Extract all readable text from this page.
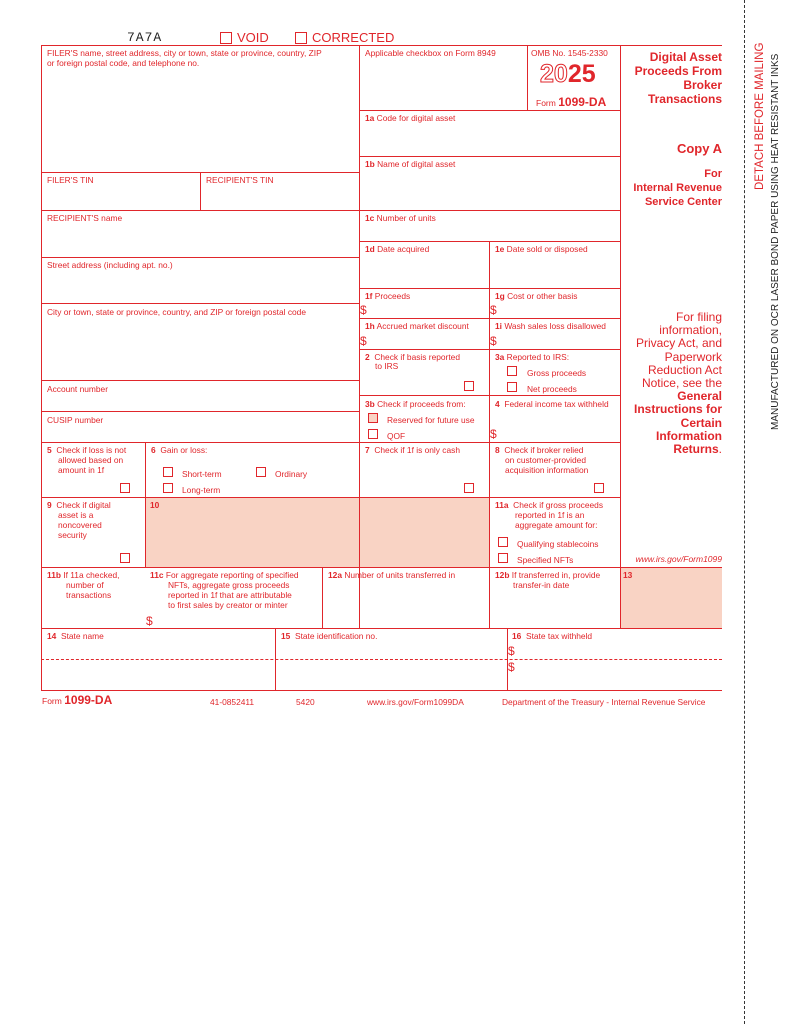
7A7A	VOID	CORRECTED
FILER'S name, street address, city or town, state or province, country, ZIP
or foreign postal code, and telephone no.
Applicable checkbox on Form 8949	OMB No. 1545-2330
2025
Form 1099-DA
Digital Asset
Proceeds From
Broker
Transactions
Copy A
For
Internal Revenue
Service Center
For filing
information,
Privacy Act, and
Paperwork
Reduction Act
Notice, see the
General
Instructions for
Certain
Information
Returns.
www.irs.gov/Form1099
FILER'S TIN	RECIPIENT'S TIN
RECIPIENT'S name
Street address (including apt. no.)
City or town, state or province, country, and ZIP or foreign postal code
Account number
CUSIP number
1a Code for digital asset
1b Name of digital asset
1c Number of units
1d Date acquired	1e Date sold or disposed
1f Proceeds
$
1g Cost or other basis
$
1h Accrued market discount
$
1i Wash sales loss disallowed
$
2 Check if basis reported
to IRS
3a Reported to IRS:
Gross proceeds
Net proceeds
3b Check if proceeds from:
Reserved for future use
QOF
4 Federal income tax withheld
$
5 Check if loss is not
allowed based on
amount in 1f
6 Gain or loss:
Short-term	Ordinary
Long-term
7 Check if 1f is only cash	8 Check if broker relied
on customer-provided
acquisition information
9 Check if digital
asset is a
noncovered
security
10	11a Check if gross proceeds
reported in 1f is an
aggregate amount for:
Qualifying stablecoins
Specified NFTs
11b If 11a checked,
number of
transactions
11c For aggregate reporting of specified
NFTs, aggregate gross proceeds
reported in 1f that are attributable
to first sales by creator or minter
$
12a Number of units transferred in	12b If transferred in, provide
transfer-in date
13
14 State name	15 State identification no.	16 State tax withheld
$
$
Form 1099-DA	41-0852411	5420	www.irs.gov/Form1099DA	Department of the Treasury - Internal Revenue Service
DETACH BEFORE MAILING MANUFACTURED ON OCR LASER BOND PAPER USING HEAT RESISTANT INKS
